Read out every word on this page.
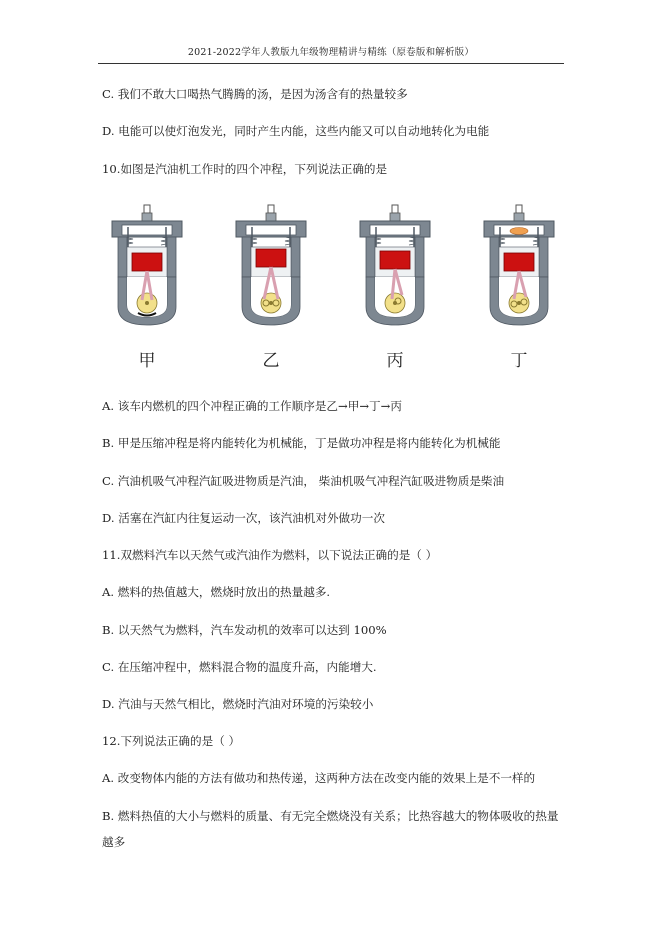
2021-2022学年人教版九年级物理精讲与精练（原卷版和解析版）
C. 我们不敢大口喝热气腾腾的汤，是因为汤含有的热量较多
D. 电能可以使灯泡发光，同时产生内能，这些内能又可以自动地转化为电能
10.如图是汽油机工作时的四个冲程，下列说法正确的是
甲	乙	丙	丁
A. 该车内燃机的四个冲程正确的工作顺序是乙→甲→丁→丙
B. 甲是压缩冲程是将内能转化为机械能，丁是做功冲程是将内能转化为机械能
C. 汽油机吸气冲程汽缸吸进物质是汽油， 柴油机吸气冲程汽缸吸进物质是柴油
D. 活塞在汽缸内往复运动一次，该汽油机对外做功一次
11.双燃料汽车以天然气或汽油作为燃料，以下说法正确的是（ ）
A. 燃料的热值越大，燃烧时放出的热量越多.
B. 以天然气为燃料，汽车发动机的效率可以达到 100%
C. 在压缩冲程中，燃料混合物的温度升高，内能增大.
D. 汽油与天然气相比，燃烧时汽油对环境的污染较小
12.下列说法正确的是（ ）
A. 改变物体内能的方法有做功和热传递，这两种方法在改变内能的效果上是不一样的
B. 燃料热值的大小与燃料的质量、有无完全燃烧没有关系；比热容越大的物体吸收的热量
越多
